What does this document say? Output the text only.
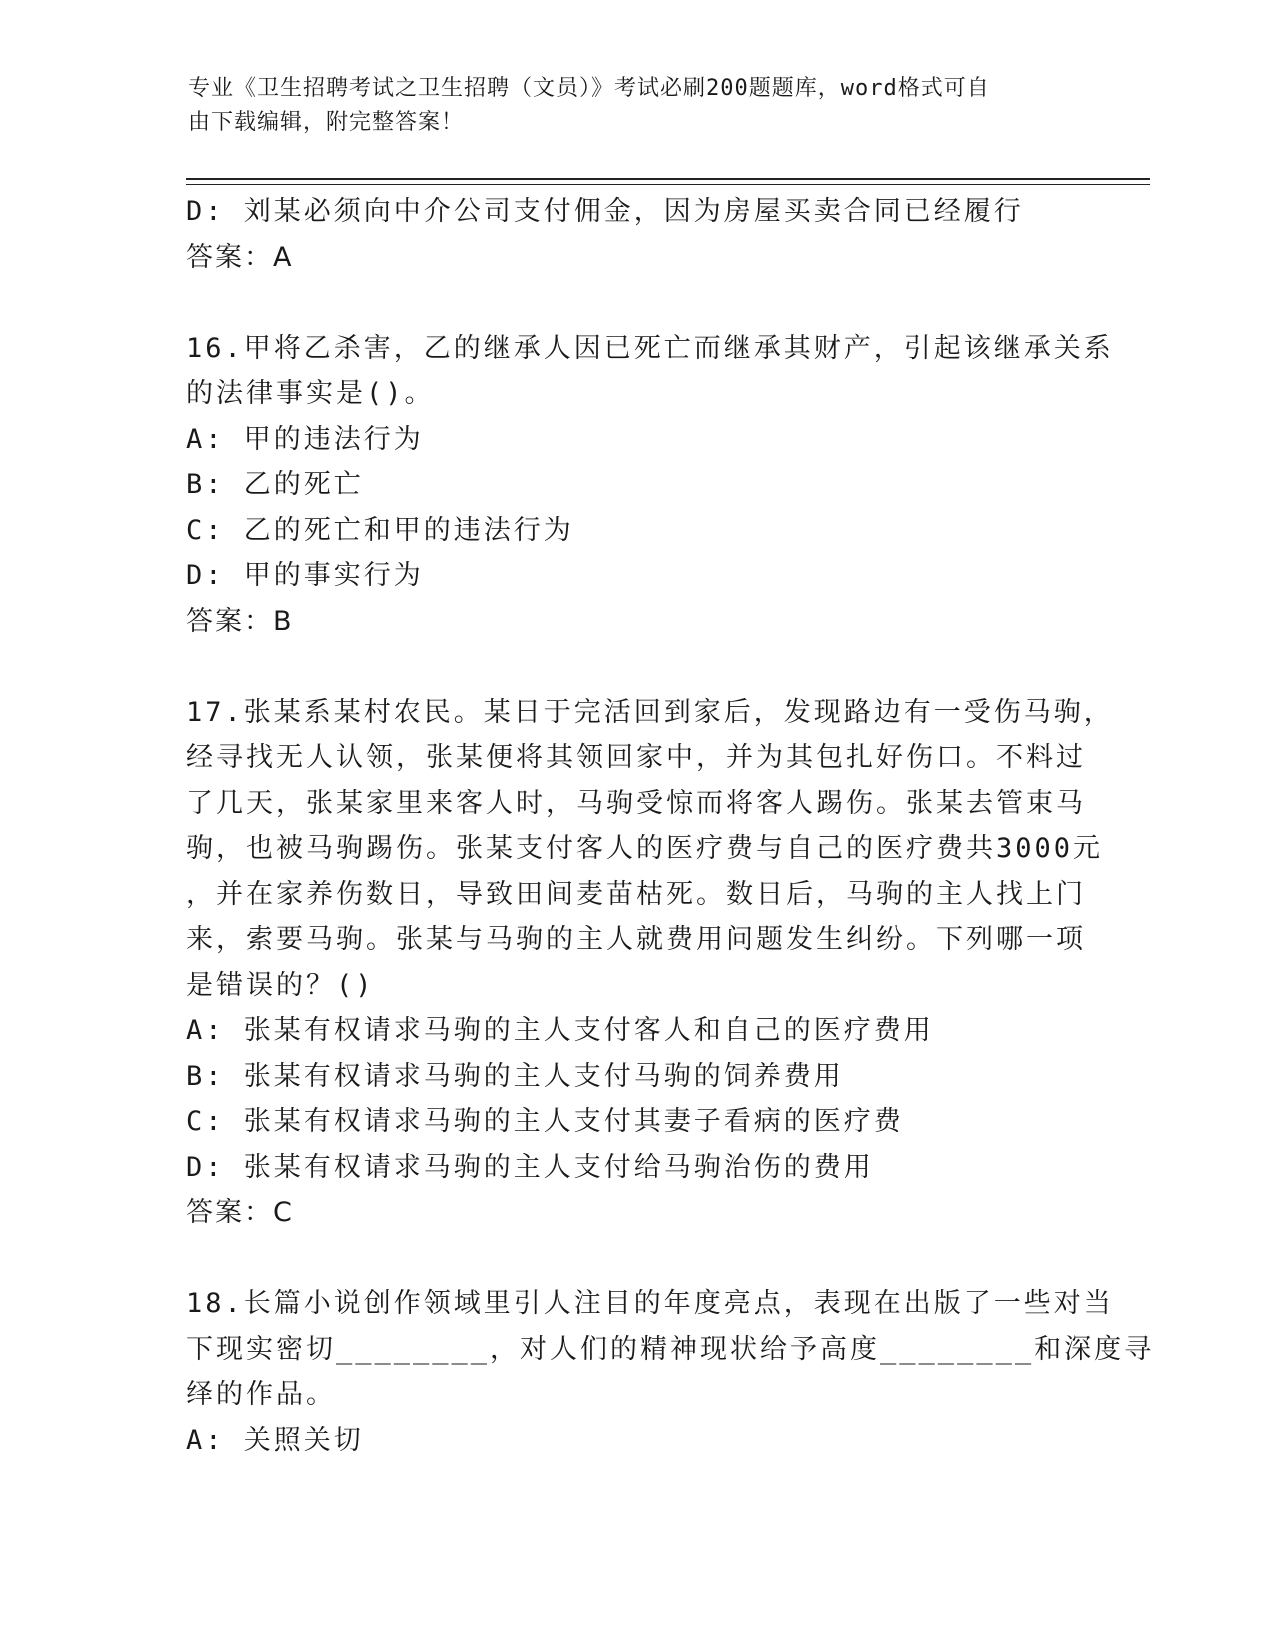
专业《卫生招聘考试之卫生招聘（文员）》考试必刷200题题库，word格式可自
由下载编辑，附完整答案！
D: 刘某必须向中介公司支付佣金，因为房屋买卖合同已经履行
答案：A
16.甲将乙杀害，乙的继承人因已死亡而继承其财产，引起该继承关系
的法律事实是()。
A: 甲的违法行为
B: 乙的死亡
C: 乙的死亡和甲的违法行为
D: 甲的事实行为
答案：B
17.张某系某村农民。某日于完活回到家后，发现路边有一受伤马驹，
经寻找无人认领，张某便将其领回家中，并为其包扎好伤口。不料过
了几天，张某家里来客人时，马驹受惊而将客人踢伤。张某去管束马
驹，也被马驹踢伤。张某支付客人的医疗费与自己的医疗费共3000元
，并在家养伤数日，导致田间麦苗枯死。数日后，马驹的主人找上门
来，索要马驹。张某与马驹的主人就费用问题发生纠纷。下列哪一项
是错误的？()
A: 张某有权请求马驹的主人支付客人和自己的医疗费用
B: 张某有权请求马驹的主人支付马驹的饲养费用
C: 张某有权请求马驹的主人支付其妻子看病的医疗费
D: 张某有权请求马驹的主人支付给马驹治伤的费用
答案：C
18.长篇小说创作领域里引人注目的年度亮点，表现在出版了一些对当
下现实密切________，对人们的精神现状给予高度________和深度寻
绎的作品。
A: 关照关切
